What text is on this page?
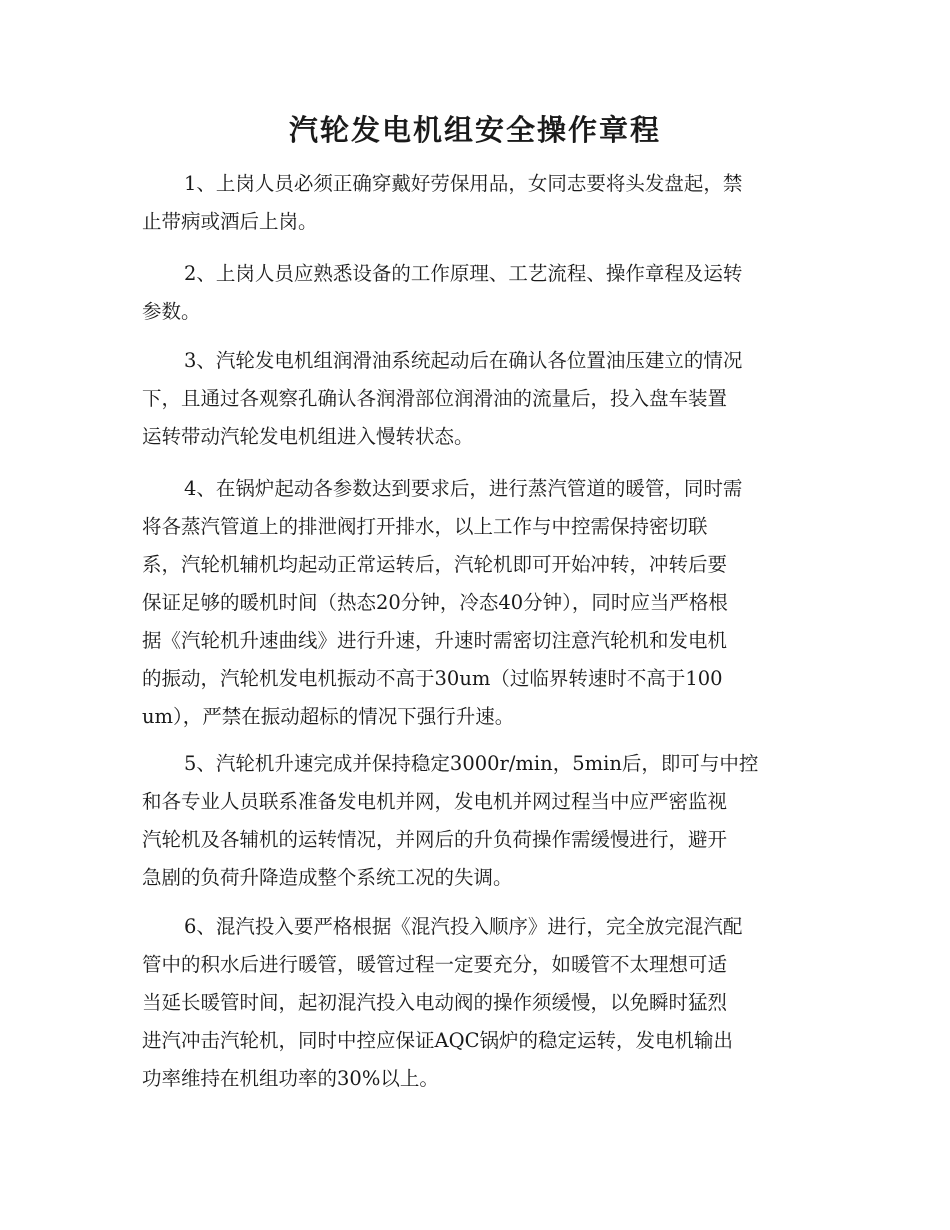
汽轮发电机组安全操作章程

1、上岗人员必须正确穿戴好劳保用品，女同志要将头发盘起，禁
止带病或酒后上岗。

2、上岗人员应熟悉设备的工作原理、工艺流程、操作章程及运转
参数。

3、汽轮发电机组润滑油系统起动后在确认各位置油压建立的情况
下，且通过各观察孔确认各润滑部位润滑油的流量后，投入盘车装置
运转带动汽轮发电机组进入慢转状态。

4、在锅炉起动各参数达到要求后，进行蒸汽管道的暖管，同时需
将各蒸汽管道上的排泄阀打开排水，以上工作与中控需保持密切联
系，汽轮机辅机均起动正常运转后，汽轮机即可开始冲转，冲转后要
保证足够的暖机时间（热态20分钟，冷态40分钟），同时应当严格根
据《汽轮机升速曲线》进行升速，升速时需密切注意汽轮机和发电机
的振动，汽轮机发电机振动不高于30um（过临界转速时不高于100
um），严禁在振动超标的情况下强行升速。

5、汽轮机升速完成并保持稳定3000r/min，5min后，即可与中控
和各专业人员联系准备发电机并网，发电机并网过程当中应严密监视
汽轮机及各辅机的运转情况，并网后的升负荷操作需缓慢进行，避开
急剧的负荷升降造成整个系统工况的失调。

6、混汽投入要严格根据《混汽投入顺序》进行，完全放完混汽配
管中的积水后进行暖管，暖管过程一定要充分，如暖管不太理想可适
当延长暖管时间，起初混汽投入电动阀的操作须缓慢，以免瞬时猛烈
进汽冲击汽轮机，同时中控应保证AQC锅炉的稳定运转，发电机输出
功率维持在机组功率的30%以上。
